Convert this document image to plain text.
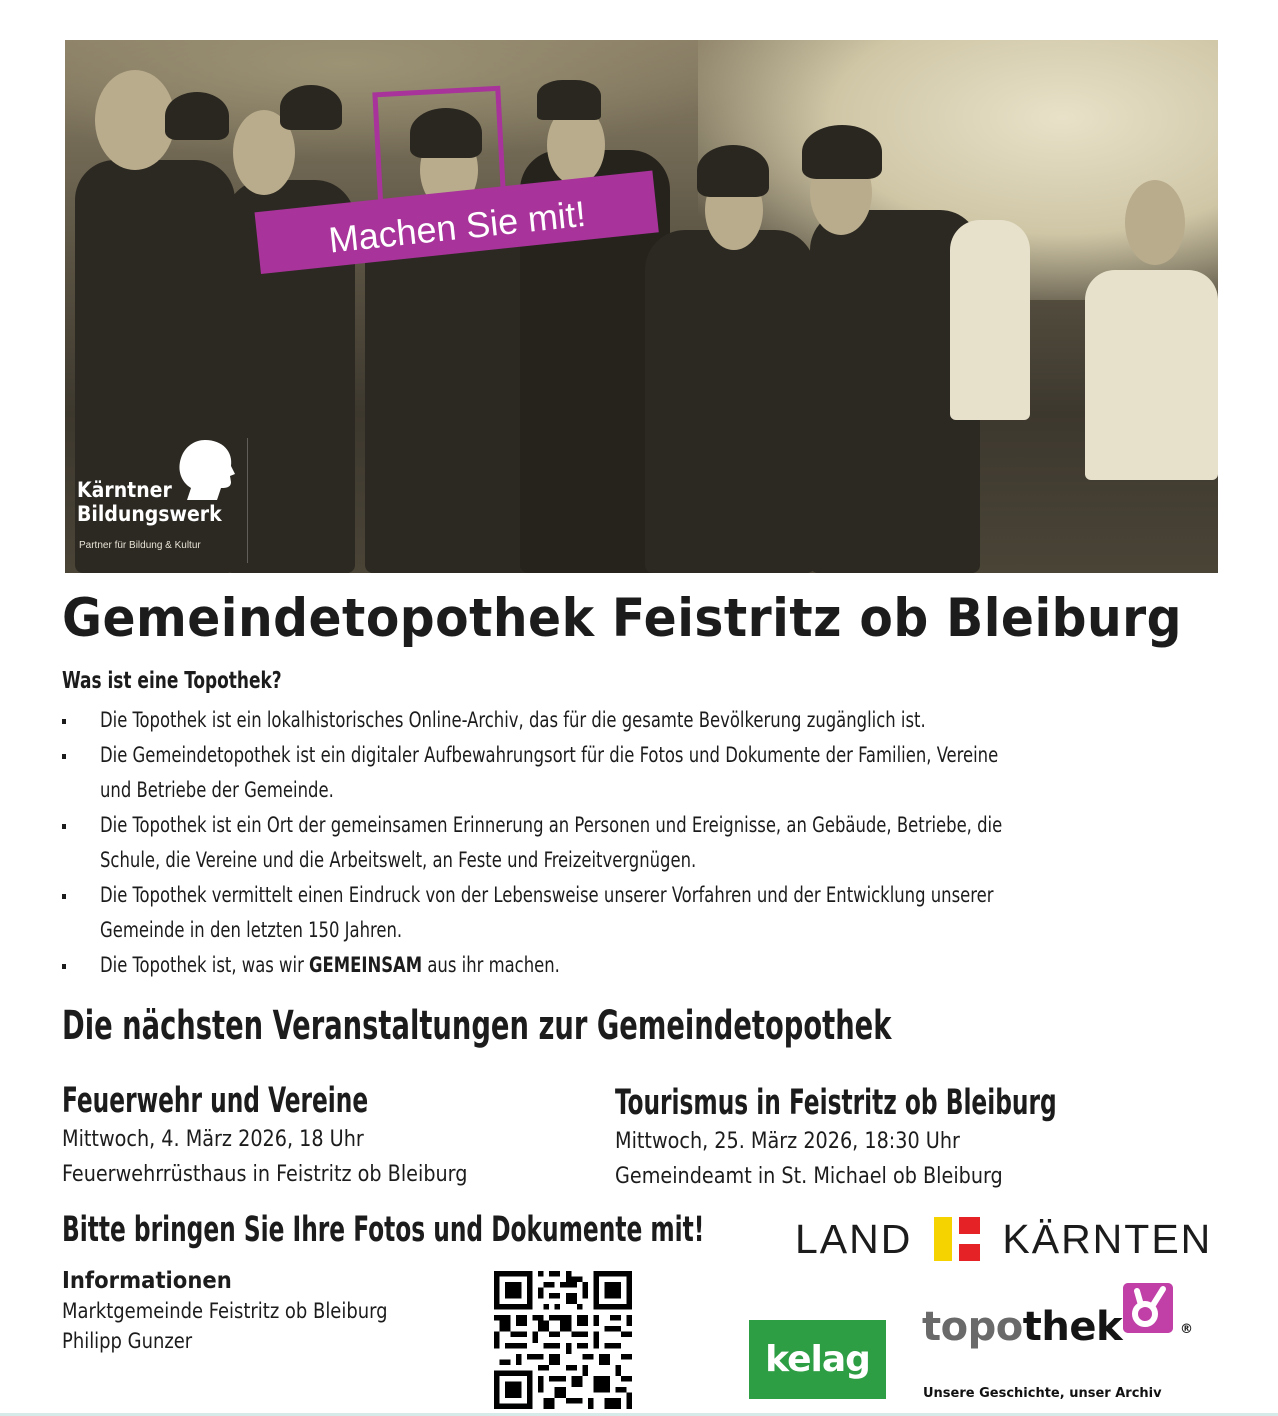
Machen Sie mit!
Kärntner
Bildungswerk
Partner für Bildung & Kultur
Gemeindetopothek Feistritz ob Bleiburg
Was ist eine Topothek?
Die Topothek ist ein lokalhistorisches Online-Archiv, das für die gesamte Bevölkerung zugänglich ist.
Die Gemeindetopothek ist ein digitaler Aufbewahrungsort für die Fotos und Dokumente der Familien, Vereine
und Betriebe der Gemeinde.
Die Topothek ist ein Ort der gemeinsamen Erinnerung an Personen und Ereignisse, an Gebäude, Betriebe, die
Schule, die Vereine und die Arbeitswelt, an Feste und Freizeitvergnügen.
Die Topothek vermittelt einen Eindruck von der Lebensweise unserer Vorfahren und der Entwicklung unserer
Gemeinde in den letzten 150 Jahren.
Die Topothek ist, was wir GEMEINSAM aus ihr machen.
Die nächsten Veranstaltungen zur Gemeindetopothek
Feuerwehr und Vereine
Mittwoch, 4. März 2026, 18 Uhr
Feuerwehrrüsthaus in Feistritz ob Bleiburg
Tourismus in Feistritz ob Bleiburg
Mittwoch, 25. März 2026, 18:30 Uhr
Gemeindeamt in St. Michael ob Bleiburg
Bitte bringen Sie Ihre Fotos und Dokumente mit!
Informationen
Marktgemeinde Feistritz ob Bleiburg
Philipp Gunzer
LAND KÄRNTEN
kelag
topothek	®
Unsere Geschichte, unser Archiv
